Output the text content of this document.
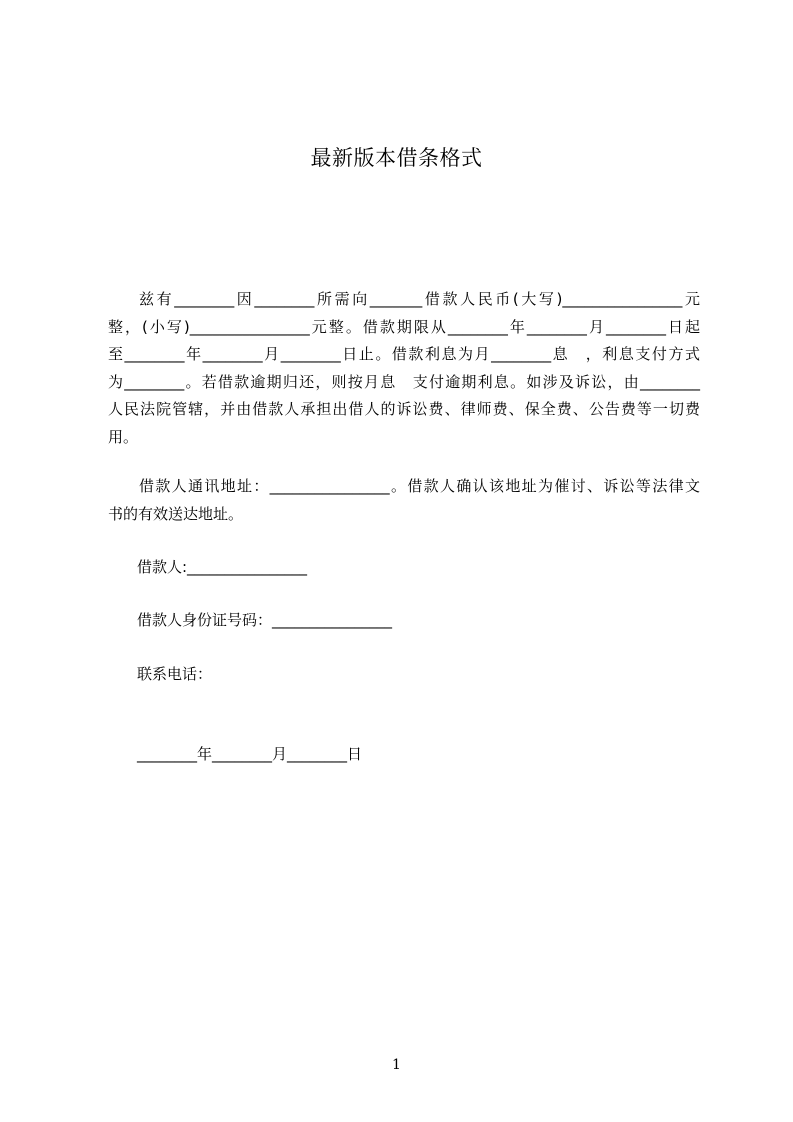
最新版本借条格式
兹有________因________所需向_______借款人民币(大写)________________元
整，(小写)________________元整。借款期限从________年________月________日起
至________年________月________日止。借款利息为月________息　，利息支付方式
为________。若借款逾期归还，则按月息　支付逾期利息。如涉及诉讼，由________
人民法院管辖，并由借款人承担出借人的诉讼费、律师费、保全费、公告费等一切费
用。
借款人通讯地址：________________。借款人确认该地址为催讨、诉讼等法律文
书的有效送达地址。
借款人:________________
借款人身份证号码：________________
联系电话：
________年________月________日
1
